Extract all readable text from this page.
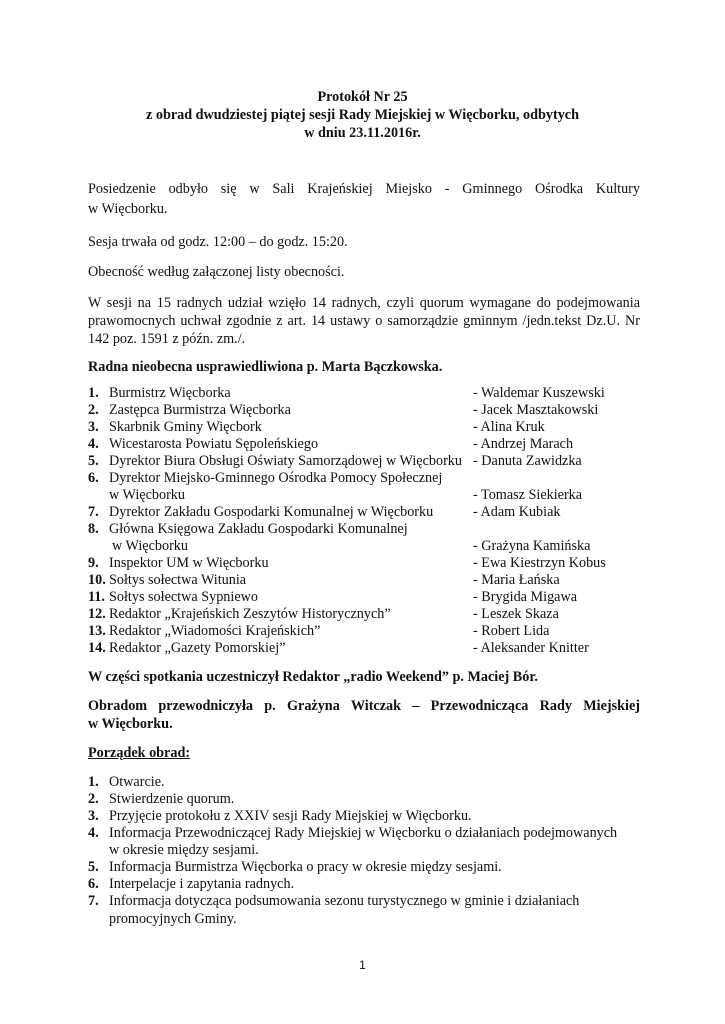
Protokół Nr 25
z obrad dwudziestej piątej sesji Rady Miejskiej w Więcborku, odbytych
w dniu 23.11.2016r.
Posiedzenie odbyło się w Sali Krajeńskiej Miejsko - Gminnego Ośrodka Kultury
w Więcborku.
Sesja trwała od godz. 12:00 – do godz. 15:20.
Obecność według załączonej listy obecności.
W sesji na 15 radnych udział wzięło 14 radnych, czyli quorum wymagane do podejmowania
prawomocnych uchwał zgodnie z art. 14 ustawy o samorządzie gminnym /jedn.tekst Dz.U. Nr
142 poz. 1591 z późn. zm./.
Radna nieobecna usprawiedliwiona p. Marta Bączkowska.
1. Burmistrz Więcborka	- Waldemar Kuszewski
2. Zastępca Burmistrza Więcborka	- Jacek Masztakowski
3. Skarbnik Gminy Więcbork	- Alina Kruk
4. Wicestarosta Powiatu Sępoleńskiego	- Andrzej Marach
5. Dyrektor Biura Obsługi Oświaty Samorządowej w Więcborku - Danuta Zawidzka
6. Dyrektor Miejsko-Gminnego Ośrodka Pomocy Społecznej
w Więcborku	- Tomasz Siekierka
7. Dyrektor Zakładu Gospodarki Komunalnej w Więcborku	- Adam Kubiak
8. Główna Księgowa Zakładu Gospodarki Komunalnej
w Więcborku	- Grażyna Kamińska
9. Inspektor UM w Więcborku	- Ewa Kiestrzyn Kobus
10. Sołtys sołectwa Witunia	- Maria Łańska
11. Sołtys sołectwa Sypniewo	- Brygida Migawa
12. Redaktor „Krajeńskich Zeszytów Historycznych”	- Leszek Skaza
13. Redaktor „Wiadomości Krajeńskich”	- Robert Lida
14. Redaktor „Gazety Pomorskiej”	- Aleksander Knitter
W części spotkania uczestniczył Redaktor „radio Weekend” p. Maciej Bór.
Obradom przewodniczyła p. Grażyna Witczak – Przewodnicząca Rady Miejskiej
w Więcborku.
Porządek obrad:
1. Otwarcie.
2. Stwierdzenie quorum.
3. Przyjęcie protokołu z XXIV sesji Rady Miejskiej w Więcborku.
4. Informacja Przewodniczącej Rady Miejskiej w Więcborku o działaniach podejmowanych
w okresie między sesjami.
5. Informacja Burmistrza Więcborka o pracy w okresie między sesjami.
6. Interpelacje i zapytania radnych.
7. Informacja dotycząca podsumowania sezonu turystycznego w gminie i działaniach
promocyjnych Gminy.
1
